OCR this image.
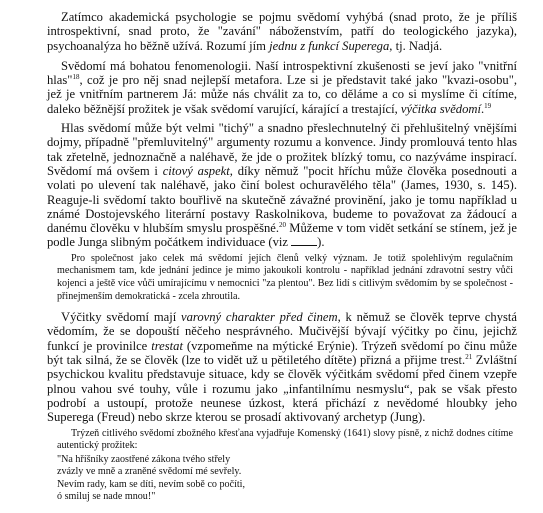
Zatímco akademická psychologie se pojmu svědomí vyhýbá (snad proto, že je příliš introspektivní, snad proto, že "zavání" náboženstvím, patří do teologického jazyka), psychoanalýza ho běžně užívá. Rozumí jím jednu z funkcí Superega, tj. Nadjá.

Svědomí má bohatou fenomenologii. Naší introspektivní zkušenosti se jeví jako "vnitřní hlas"$^{18}$, což je pro něj snad nejlepší metafora. Lze si je představit také jako "kvazi-osobu", jež je vnitřním partnerem Já: může nás chválit za to, co děláme a co si myslíme či cítíme, daleko běžnější prožitek je však svědomí varující, kárající a trestající, výčitka svědomí.$^{19}$

Hlas svědomí může být velmi "tichý" a snadno přeslechnutelný či přehlušitelný vnějšími dojmy, případně "přemluvitelný" argumenty rozumu a konvence. Jindy promlouvá tento hlas tak zřetelně, jednoznačně a naléhavě, že jde o prožitek blízký tomu, co nazýváme inspirací. Svědomí má ovšem i citový aspekt, díky němuž "pocit hříchu může člověka posednouti a volati po ulevení tak naléhavě, jako činí bolest ochuravělého těla" (James, 1930, s. 145). Reaguje-li svědomí takto bouřlivě na skutečně závažné provinění, jako je tomu například u známé Dostojevského literární postavy Raskolnikova, budeme to považovat za žádoucí a danému člověku v hlubším smyslu prospěšné.$^{20}$ Můžeme v tom vidět setkání se stínem, jež je podle Junga slibným počátkem individuace (viz ).

Pro společnost jako celek má svědomí jejích členů velký význam. Je totiž spolehlivým regulačním mechanismem tam, kde jednání jedince je mimo jakoukoli kontrolu - například jednání zdravotní sestry vůči kojenci a ještě více vůči umírajícímu v nemocnici "za plentou". Bez lidí s citlivým svědomím by se společnost - přinejmenším demokratická - zcela zhroutila.

Výčitky svědomí mají varovný charakter před činem, k němuž se člověk teprve chystá vědomím, že se dopouští něčeho nesprávného. Mučivější bývají výčitky po činu, jejichž funkcí je provinilce trestat (vzpomeňme na mýtické Erýnie). Trýzeň svědomí po činu může být tak silná, že se člověk (lze to vidět už u pětiletého dítěte) přizná a přijme trest.$^{21}$ Zvláštní psychickou kvalitu představuje situace, kdy se člověk výčitkám svědomí před činem vzepře plnou vahou své touhy, vůle i rozumu jako „infantilnímu nesmyslu“, pak se však přesto podrobí a ustoupí, protože neunese úzkost, která přichází z nevědomé hloubky jeho Superega (Freud) nebo skrze kterou se prosadí aktivovaný archetyp (Jung).

Trýzeň citlivého svědomí zbožného křesťana vyjadřuje Komenský (1641) slovy písně, z nichž dodnes cítíme autentický prožitek:

"Na hříšníky zaostřené zákona tvého střely
zvázly ve mně a zraněné svědomí mé sevřely.
Nevím rady, kam se díti, nevím sobě co počíti,
ó smiluj se nade mnou!"
